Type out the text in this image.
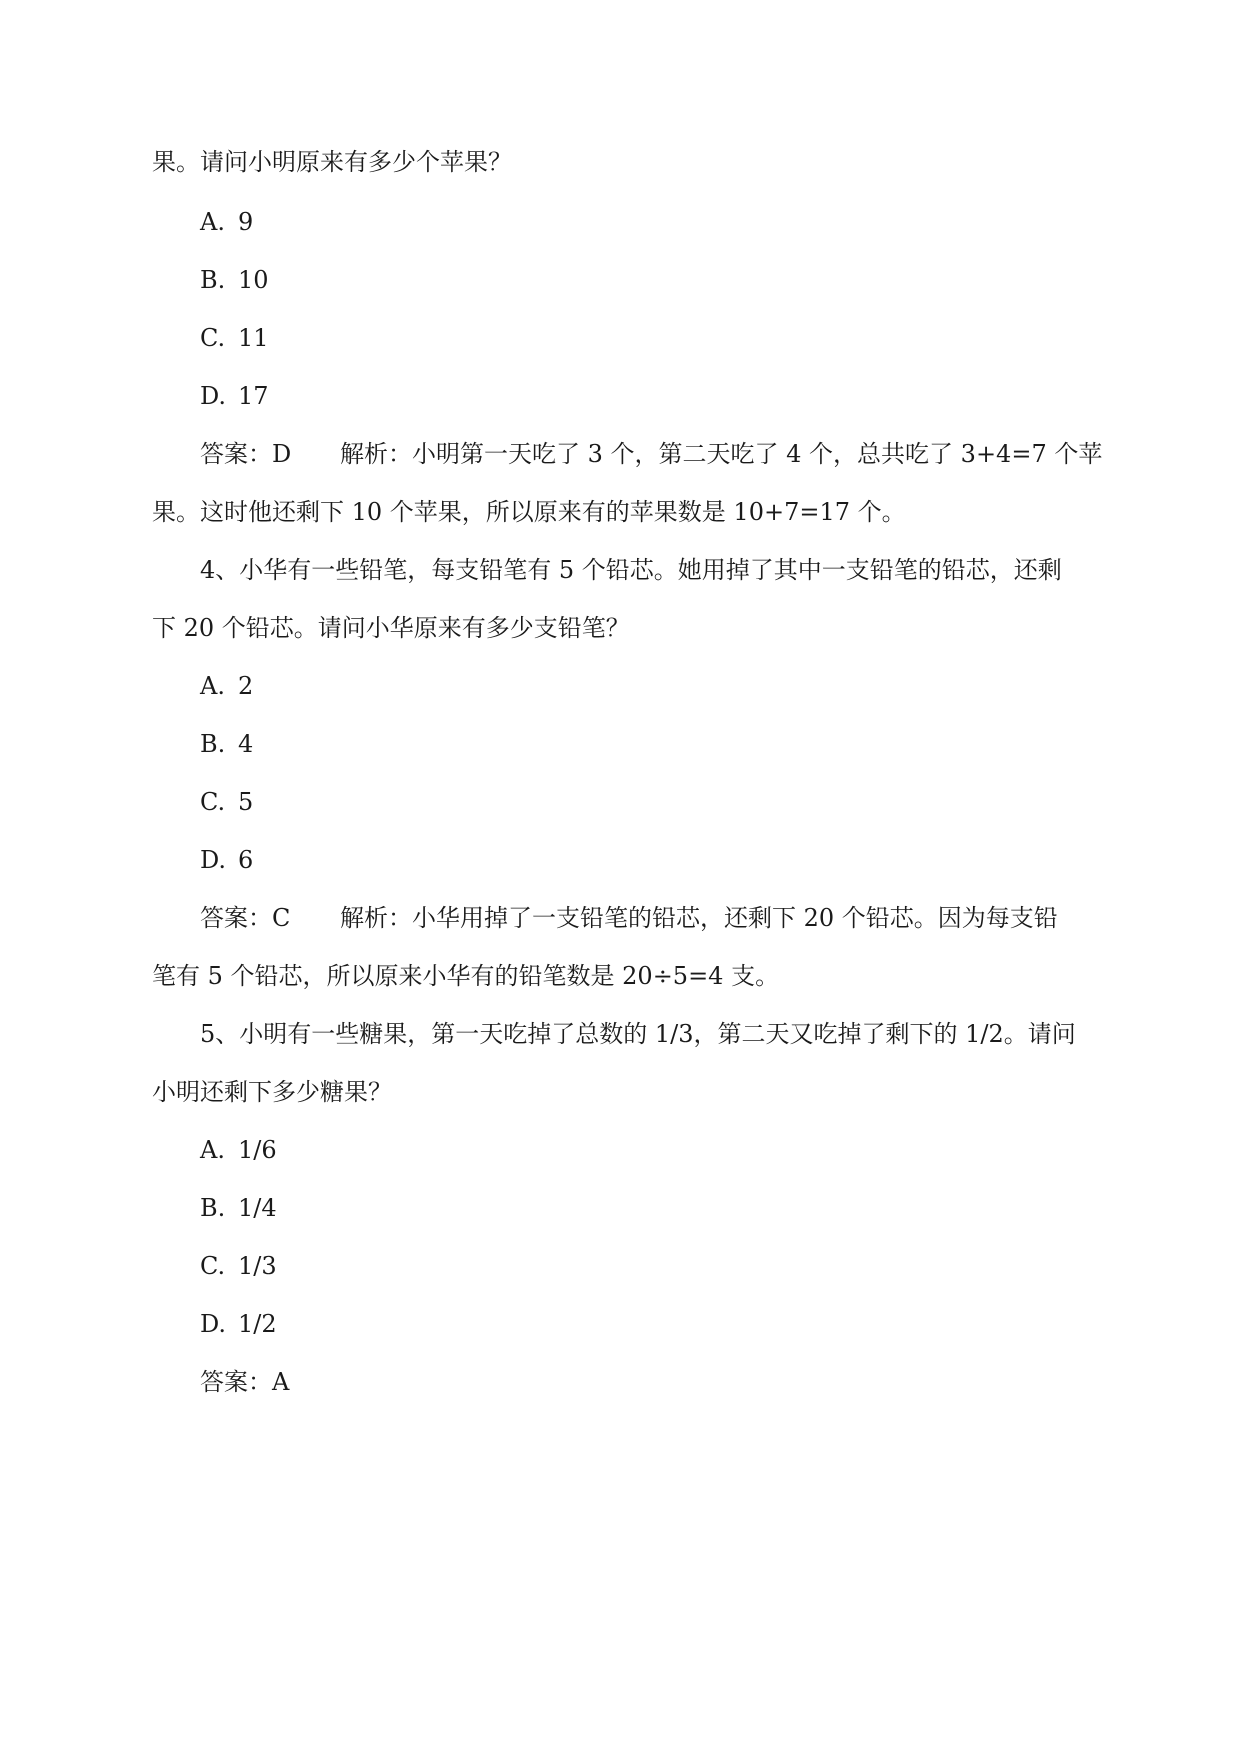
果。请问小明原来有多少个苹果？
A. 9
B. 10
C. 11
D. 17
答案：D 解析：小明第一天吃了 3 个，第二天吃了 4 个，总共吃了 3+4=7 个苹
果。这时他还剩下 10 个苹果，所以原来有的苹果数是 10+7=17 个。
4、小华有一些铅笔，每支铅笔有 5 个铅芯。她用掉了其中一支铅笔的铅芯，还剩
下 20 个铅芯。请问小华原来有多少支铅笔？
A. 2
B. 4
C. 5
D. 6
答案：C 解析：小华用掉了一支铅笔的铅芯，还剩下 20 个铅芯。因为每支铅
笔有 5 个铅芯，所以原来小华有的铅笔数是 20÷5=4 支。
5、小明有一些糖果，第一天吃掉了总数的 1/3，第二天又吃掉了剩下的 1/2。请问
小明还剩下多少糖果？
A. 1/6
B. 1/4
C. 1/3
D. 1/2
答案：A
